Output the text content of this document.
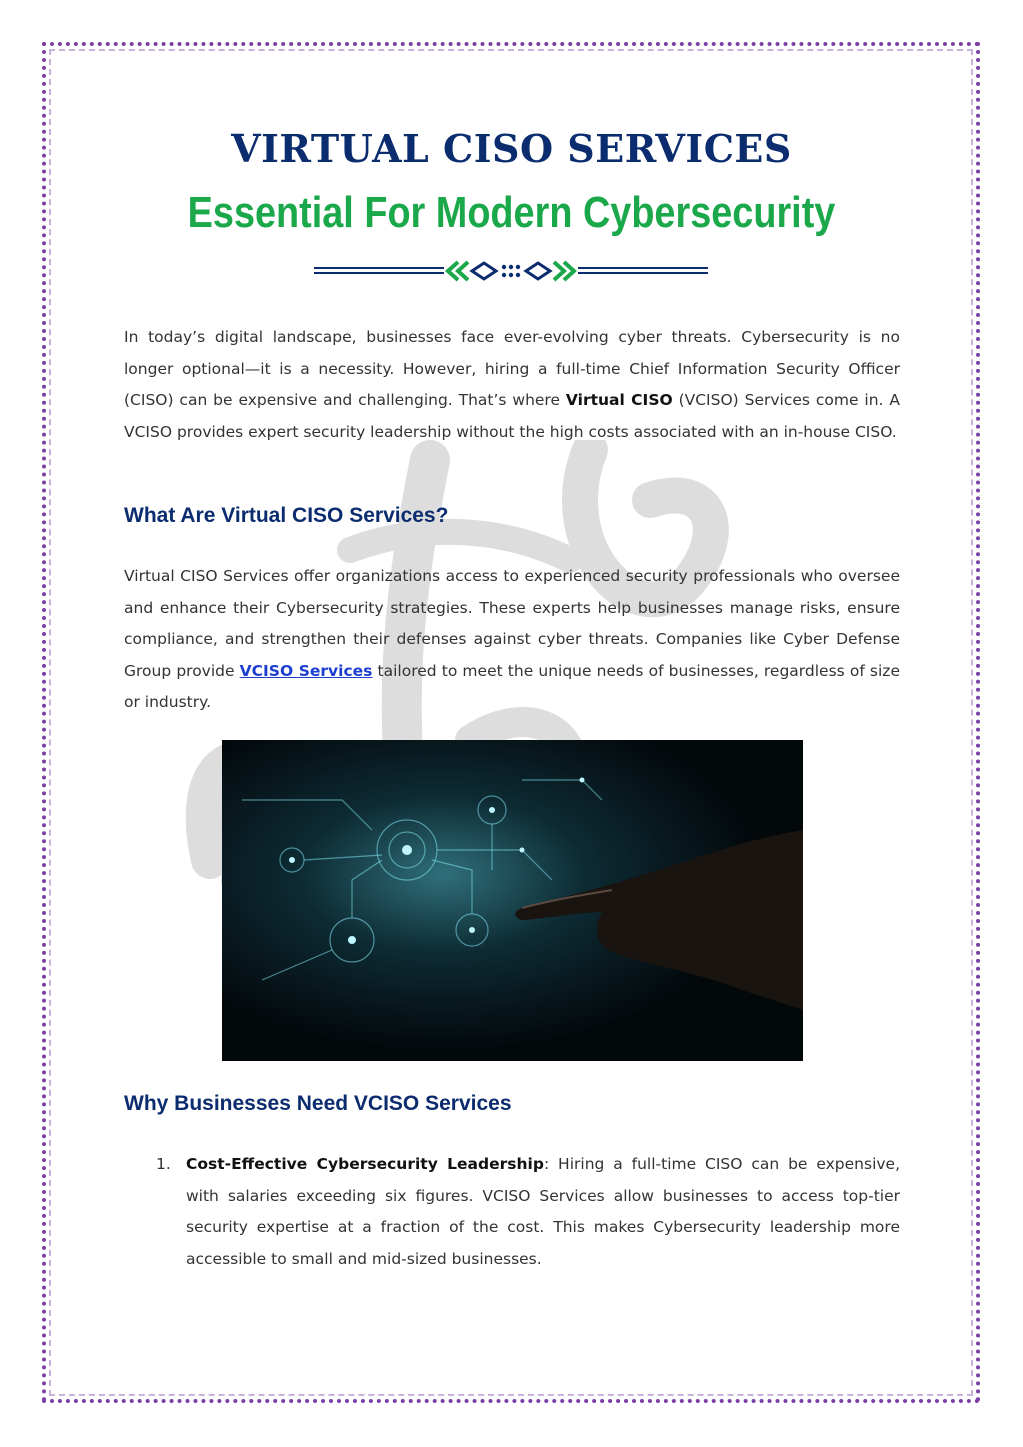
VIRTUAL CISO SERVICES
Essential For Modern Cybersecurity

In today’s digital landscape, businesses face ever-evolving cyber threats. Cybersecurity is no longer optional—it is a necessity. However, hiring a full-time Chief Information Security Officer (CISO) can be expensive and challenging. That’s where Virtual CISO (VCISO) Services come in. A VCISO provides expert security leadership without the high costs associated with an in-house CISO.

What Are Virtual CISO Services?

Virtual CISO Services offer organizations access to experienced security professionals who oversee and enhance their Cybersecurity strategies. These experts help businesses manage risks, ensure compliance, and strengthen their defenses against cyber threats. Companies like Cyber Defense Group provide VCISO Services tailored to meet the unique needs of businesses, regardless of size or industry.

Why Businesses Need VCISO Services
1. Cost-Effective Cybersecurity Leadership: Hiring a full-time CISO can be expensive, with salaries exceeding six figures. VCISO Services allow businesses to access top-tier security expertise at a fraction of the cost. This makes Cybersecurity leadership more accessible to small and mid-sized businesses.
